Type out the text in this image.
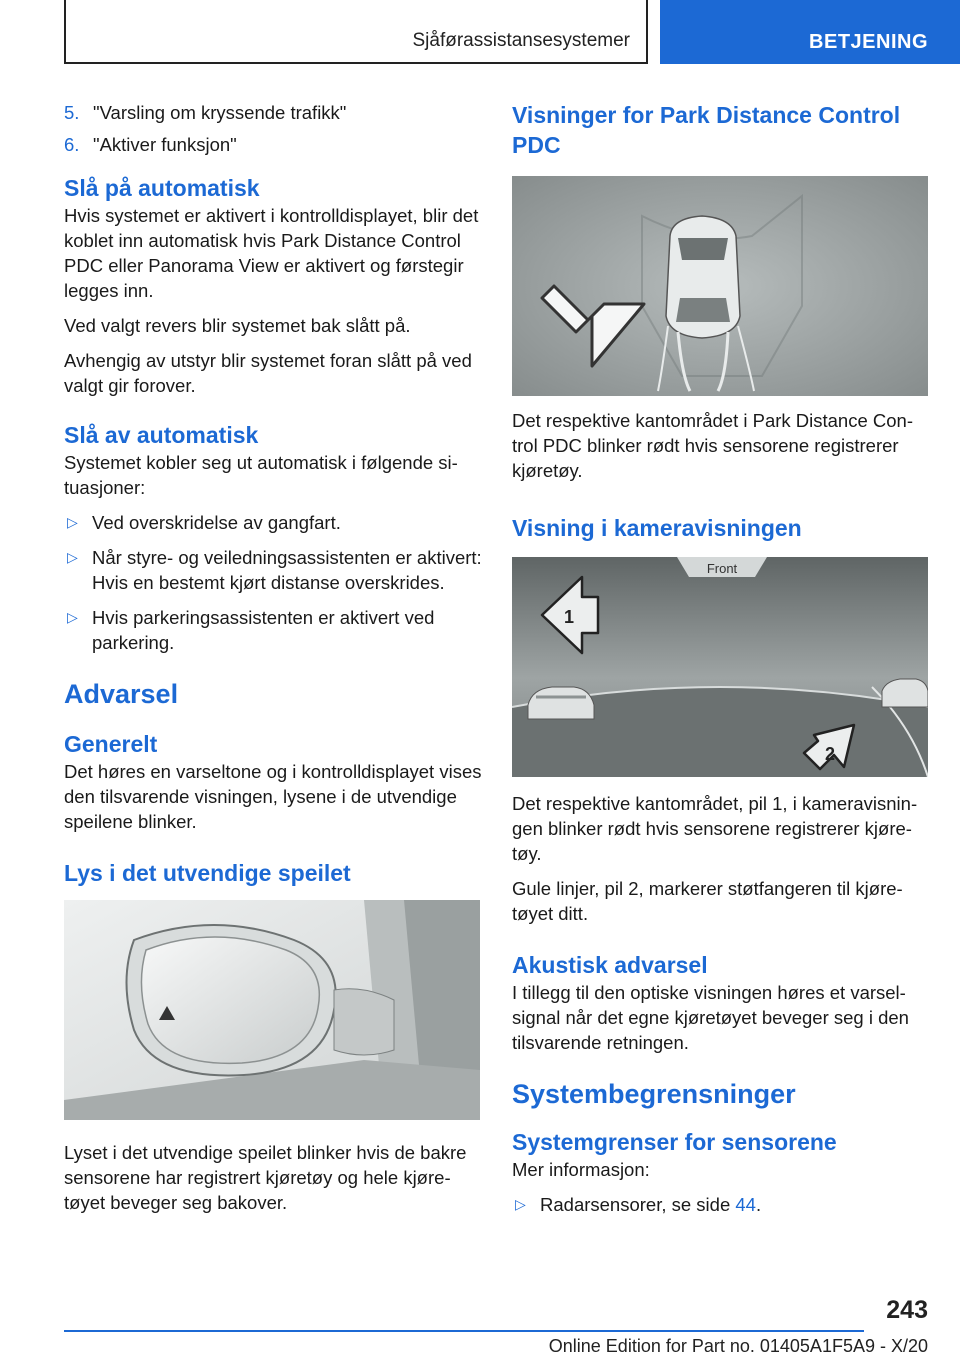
Sjåførassistansesystemer	BETJENING
5. "Varsling om kryssende trafikk"
6. "Aktiver funksjon"
Slå på automatisk

Hvis systemet er aktivert i kontrolldisplayet, blir det koblet inn automatisk hvis Park Distance Control PDC eller Panorama View er aktivert og førstegir legges inn.

Ved valgt revers blir systemet bak slått på.

Avhengig av utstyr blir systemet foran slått på ved valgt gir forover.

Slå av automatisk

Systemet kobler seg ut automatisk i følgende situasjoner:

▷ Ved overskridelse av gangfart.
▷ Når styre- og veiledningsassistenten er aktivert: Hvis en bestemt kjørt distanse overskrides.
▷ Hvis parkeringsassistenten er aktivert ved parkering.
Advarsel
Generelt

Det høres en varseltone og i kontrolldisplayet vises den tilsvarende visningen, lysene i de utvendige speilene blinker.

Lys i det utvendige speilet

Lyset i det utvendige speilet blinker hvis de bakre sensorene har registrert kjøretøy og hele kjøretøyet beveger seg bakover.

Visninger for Park Distance Control PDC

Det respektive kantområdet i Park Distance Control PDC blinker rødt hvis sensorene registrerer kjøretøy.

Visning i kameravisningen
Front
1
2

Det respektive kantområdet, pil 1, i kameravisningen blinker rødt hvis sensorene registrerer kjøretøy.

Gule linjer, pil 2, markerer støtfangeren til kjøretøyet ditt.

Akustisk advarsel

I tillegg til den optiske visningen høres et varselsignal når det egne kjøretøyet beveger seg i den tilsvarende retningen.

Systembegrensninger
Systemgrenser for sensorene

Mer informasjon:

▷ Radarsensorer, se side 44.
243
Online Edition for Part no. 01405A1F5A9 - X/20
